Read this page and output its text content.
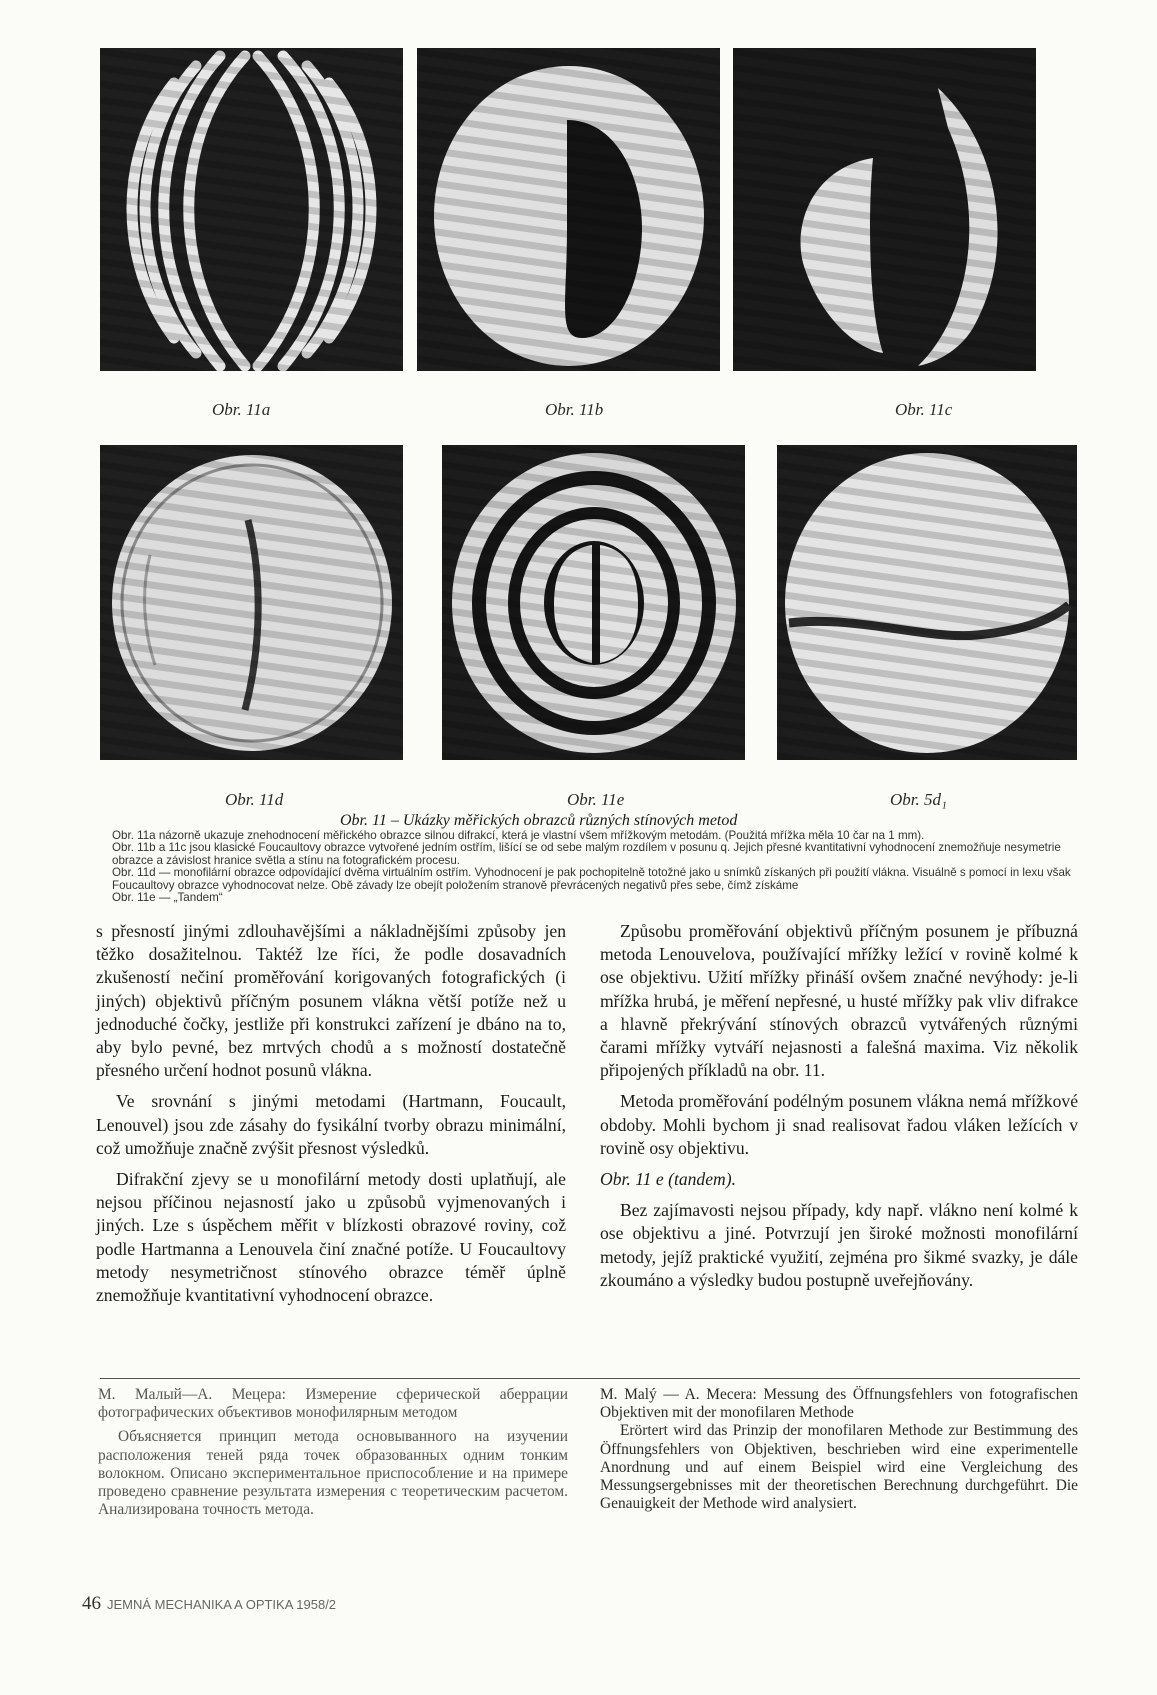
Obr. 11a	Obr. 11b	Obr. 11c
Obr. 11d	Obr. 11e	Obr. 5d₁
Obr. 11 – Ukázky měřických obrazců různých stínových metod

Obr. 11a názorně ukazuje znehodnocení měřického obrazce silnou difrakcí, která je vlastní všem mřížkovým metodám. (Použitá mřížka měla 10 čar na 1 mm).

Obr. 11b a 11c jsou klasické Foucaultovy obrazce vytvořené jedním ostřím, lišící se od sebe malým rozdílem v posunu q. Jejich přesné kvantitativní vyhodnocení znemožňuje nesymetrie obrazce a závislost hranice světla a stínu na fotografickém procesu.

Obr. 11d — monofilární obrazce odpovídající dvěma virtuálním ostřím. Vyhodnocení je pak pochopitelně totožné jako u snímků získaných při použití vlákna. Visuálně s pomocí in lexu však Foucaultovy obrazce vyhodnocovat nelze. Obě závady lze obejít položením stranově převrácených negativů přes sebe, čímž získáme

Obr. 11e — „Tandem“

s přesností jinými zdlouhavějšími a nákladnějšími způsoby jen těžko dosažitelnou. Taktéž lze říci, že podle dosavadních zkušeností nečiní proměřování korigovaných fotografických (i jiných) objektivů příčným posunem vlákna větší potíže než u jednoduché čočky, jestliže při konstrukci zařízení je dbáno na to, aby bylo pevné, bez mrtvých chodů a s možností dostatečně přesného určení hodnot posunů vlákna.

Ve srovnání s jinými metodami (Hartmann, Foucault, Lenouvel) jsou zde zásahy do fysikální tvorby obrazu minimální, což umožňuje značně zvýšit přesnost výsledků.

Difrakční zjevy se u monofilární metody dosti uplatňují, ale nejsou příčinou nejasností jako u způsobů vyjmenovaných i jiných. Lze s úspěchem měřit v blízkosti obrazové roviny, což podle Hartmanna a Lenouvela činí značné potíže. U Foucaultovy metody nesymetričnost stínového obrazce téměř úplně znemožňuje kvantitativní vyhodnocení obrazce.

Způsobu proměřování objektivů příčným posunem je příbuzná metoda Lenouvelova, používající mřížky ležící v rovině kolmé k ose objektivu. Užití mřížky přináší ovšem značné nevýhody: je-li mřížka hrubá, je měření nepřesné, u husté mřížky pak vliv difrakce a hlavně překrývání stínových obrazců vytvářených různými čarami mřížky vytváří nejasnosti a falešná maxima. Viz několik připojených příkladů na obr. 11.

Metoda proměřování podélným posunem vlákna nemá mřížkové obdoby. Mohli bychom ji snad realisovat řadou vláken ležících v rovině osy objektivu.

Obr. 11 e (tandem).

Bez zajímavosti nejsou případy, kdy např. vlákno není kolmé k ose objektivu a jiné. Potvrzují jen široké možnosti monofilární metody, jejíž praktické využití, zejména pro šikmé svazky, je dále zkoumáno a výsledky budou postupně uveřejňovány.

М. Малый—А. Мецера: Измерение сферической аберрации фотографических объективов монофиляpным методом

Объясняется принцип метода основыванного на изучении расположения теней ряда точек образованных одним тонким волокном. Описано экспериментальное приспособление и на примере проведено сравнение результата измерения с теоретическим расчетом. Анализирована точность метода.

M. Malý — A. Mecera: Messung des Öffnungsfehlers von fotografischen Objektiven mit der monofilaren Methode

Erörtert wird das Prinzip der monofilaren Methode zur Bestimmung des Öffnungsfehlers von Objektiven, beschrieben wird eine experimentelle Anordnung und auf einem Beispiel wird eine Vergleichung des Messungsergebnisses mit der theoretischen Berechnung durchgeführt. Die Genauigkeit der Methode wird analysiert.

46 JEMNÁ MECHANIKA A OPTIKA 1958/2
